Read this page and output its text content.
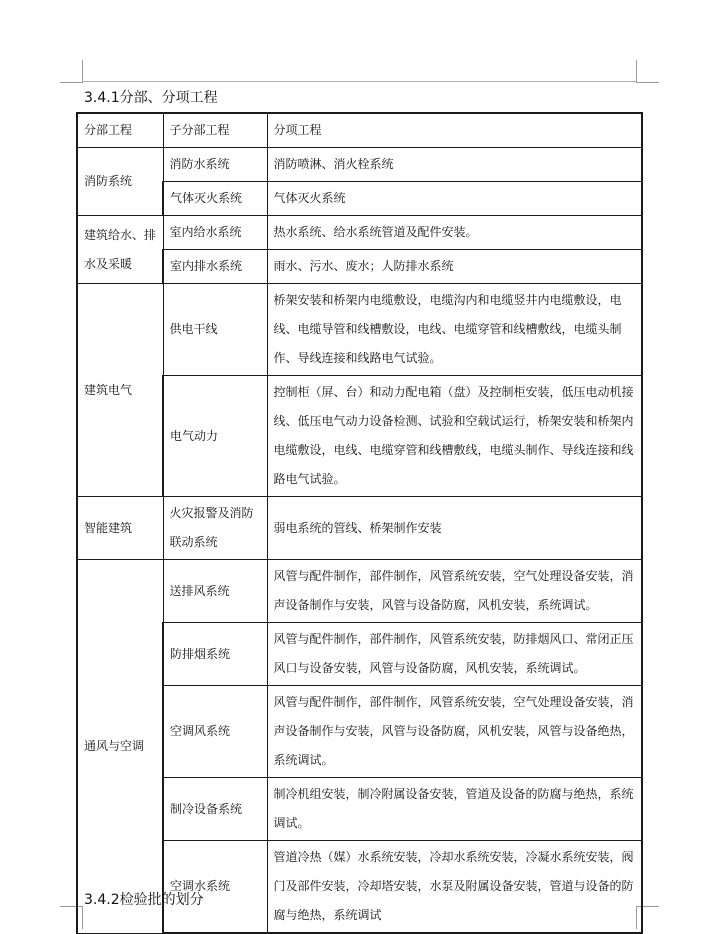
3.4.1分部、分项工程
分部工程	子分部工程	分项工程
消防系统	消防水系统	消防喷淋、消火栓系统
	气体灭火系统	气体灭火系统
建筑给水、排水及采暖	室内给水系统	热水系统、给水系统管道及配件安装。
	室内排水系统	雨水、污水、废水；人防排水系统
建筑电气	供电干线	桥架安装和桥架内电缆敷设，电缆沟内和电缆竖井内电缆敷设，电线、电缆导管和线槽敷设，电线、电缆穿管和线槽敷线，电缆头制作、导线连接和线路电气试验。
	电气动力	控制柜（屏、台）和动力配电箱（盘）及控制柜安装，低压电动机接线、低压电气动力设备检测、试验和空载试运行，桥架安装和桥架内电缆敷设，电线、电缆穿管和线槽敷线，电缆头制作、导线连接和线路电气试验。
智能建筑	火灾报警及消防联动系统	弱电系统的管线、桥架制作安装
通风与空调	送排风系统	风管与配件制作，部件制作，风管系统安装，空气处理设备安装，消声设备制作与安装，风管与设备防腐，风机安装，系统调试。
	防排烟系统	风管与配件制作，部件制作，风管系统安装，防排烟风口、常闭正压风口与设备安装，风管与设备防腐，风机安装，系统调试。
	空调风系统	风管与配件制作，部件制作，风管系统安装，空气处理设备安装，消声设备制作与安装，风管与设备防腐，风机安装，风管与设备绝热，系统调试。
	制冷设备系统	制冷机组安装，制冷附属设备安装，管道及设备的防腐与绝热，系统调试。
	空调水系统	管道冷热（媒）水系统安装，冷却水系统安装，冷凝水系统安装，阀门及部件安装，冷却塔安装，水泵及附属设备安装，管道与设备的防腐与绝热，系统调试
3.4.2检验批的划分
